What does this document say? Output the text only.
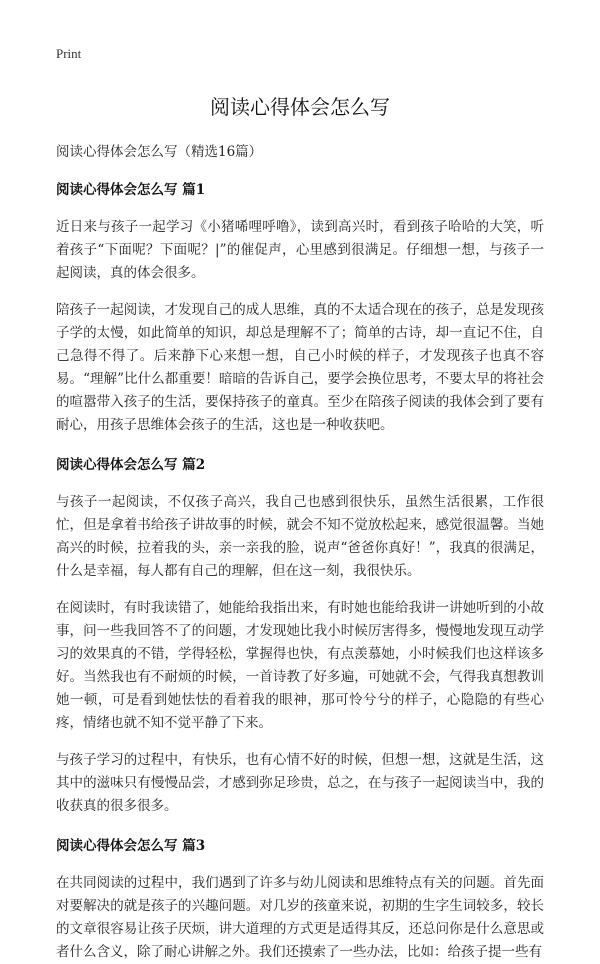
Print

阅读心得体会怎么写

阅读心得体会怎么写（精选16篇）

阅读心得体会怎么写 篇1

近日来与孩子一起学习《小猪唏哩呼噜》，读到高兴时，看到孩子哈哈的大笑，听着孩子“下面呢？下面呢？|”的催促声，心里感到很满足。仔细想一想，与孩子一起阅读，真的体会很多。

陪孩子一起阅读，才发现自己的成人思维，真的不太适合现在的孩子，总是发现孩子学的太慢，如此简单的知识，却总是理解不了；简单的古诗，却一直记不住，自己急得不得了。后来静下心来想一想，自己小时候的样子，才发现孩子也真不容易。“理解”比什么都重要！暗暗的告诉自己，要学会换位思考，不要太早的将社会的喧嚣带入孩子的生活，要保持孩子的童真。至少在陪孩子阅读的我体会到了要有耐心，用孩子思维体会孩子的生活，这也是一种收获吧。

阅读心得体会怎么写 篇2

与孩子一起阅读，不仅孩子高兴，我自己也感到很快乐，虽然生活很累，工作很忙，但是拿着书给孩子讲故事的时候，就会不知不觉放松起来，感觉很温馨。当她高兴的时候，拉着我的头，亲一亲我的脸，说声“爸爸你真好！”，我真的很满足，什么是幸福，每人都有自己的理解，但在这一刻，我很快乐。

在阅读时，有时我读错了，她能给我指出来，有时她也能给我讲一讲她听到的小故事，问一些我回答不了的问题，才发现她比我小时候厉害得多，慢慢地发现互动学习的效果真的不错，学得轻松，掌握得也快，有点羡慕她，小时候我们也这样该多好。当然我也有不耐烦的时候，一首诗教了好多遍，可她就不会，气得我真想教训她一顿，可是看到她怯怯的看着我的眼神，那可怜兮兮的样子，心隐隐的有些心疼，情绪也就不知不觉平静了下来。

与孩子学习的过程中，有快乐，也有心情不好的时候，但想一想，这就是生活，这其中的滋味只有慢慢品尝，才感到弥足珍贵，总之，在与孩子一起阅读当中，我的收获真的很多很多。

阅读心得体会怎么写 篇3

在共同阅读的过程中，我们遇到了许多与幼儿阅读和思维特点有关的问题。首先面对要解决的就是孩子的兴趣问题。对几岁的孩童来说，初期的生字生词较多，较长的文章很容易让孩子厌烦，讲大道理的方式更是适得其反，还总问你是什么意思或者什么含义，除了耐心讲解之外。我们还摸索了一些办法，比如：给孩子提一些有
